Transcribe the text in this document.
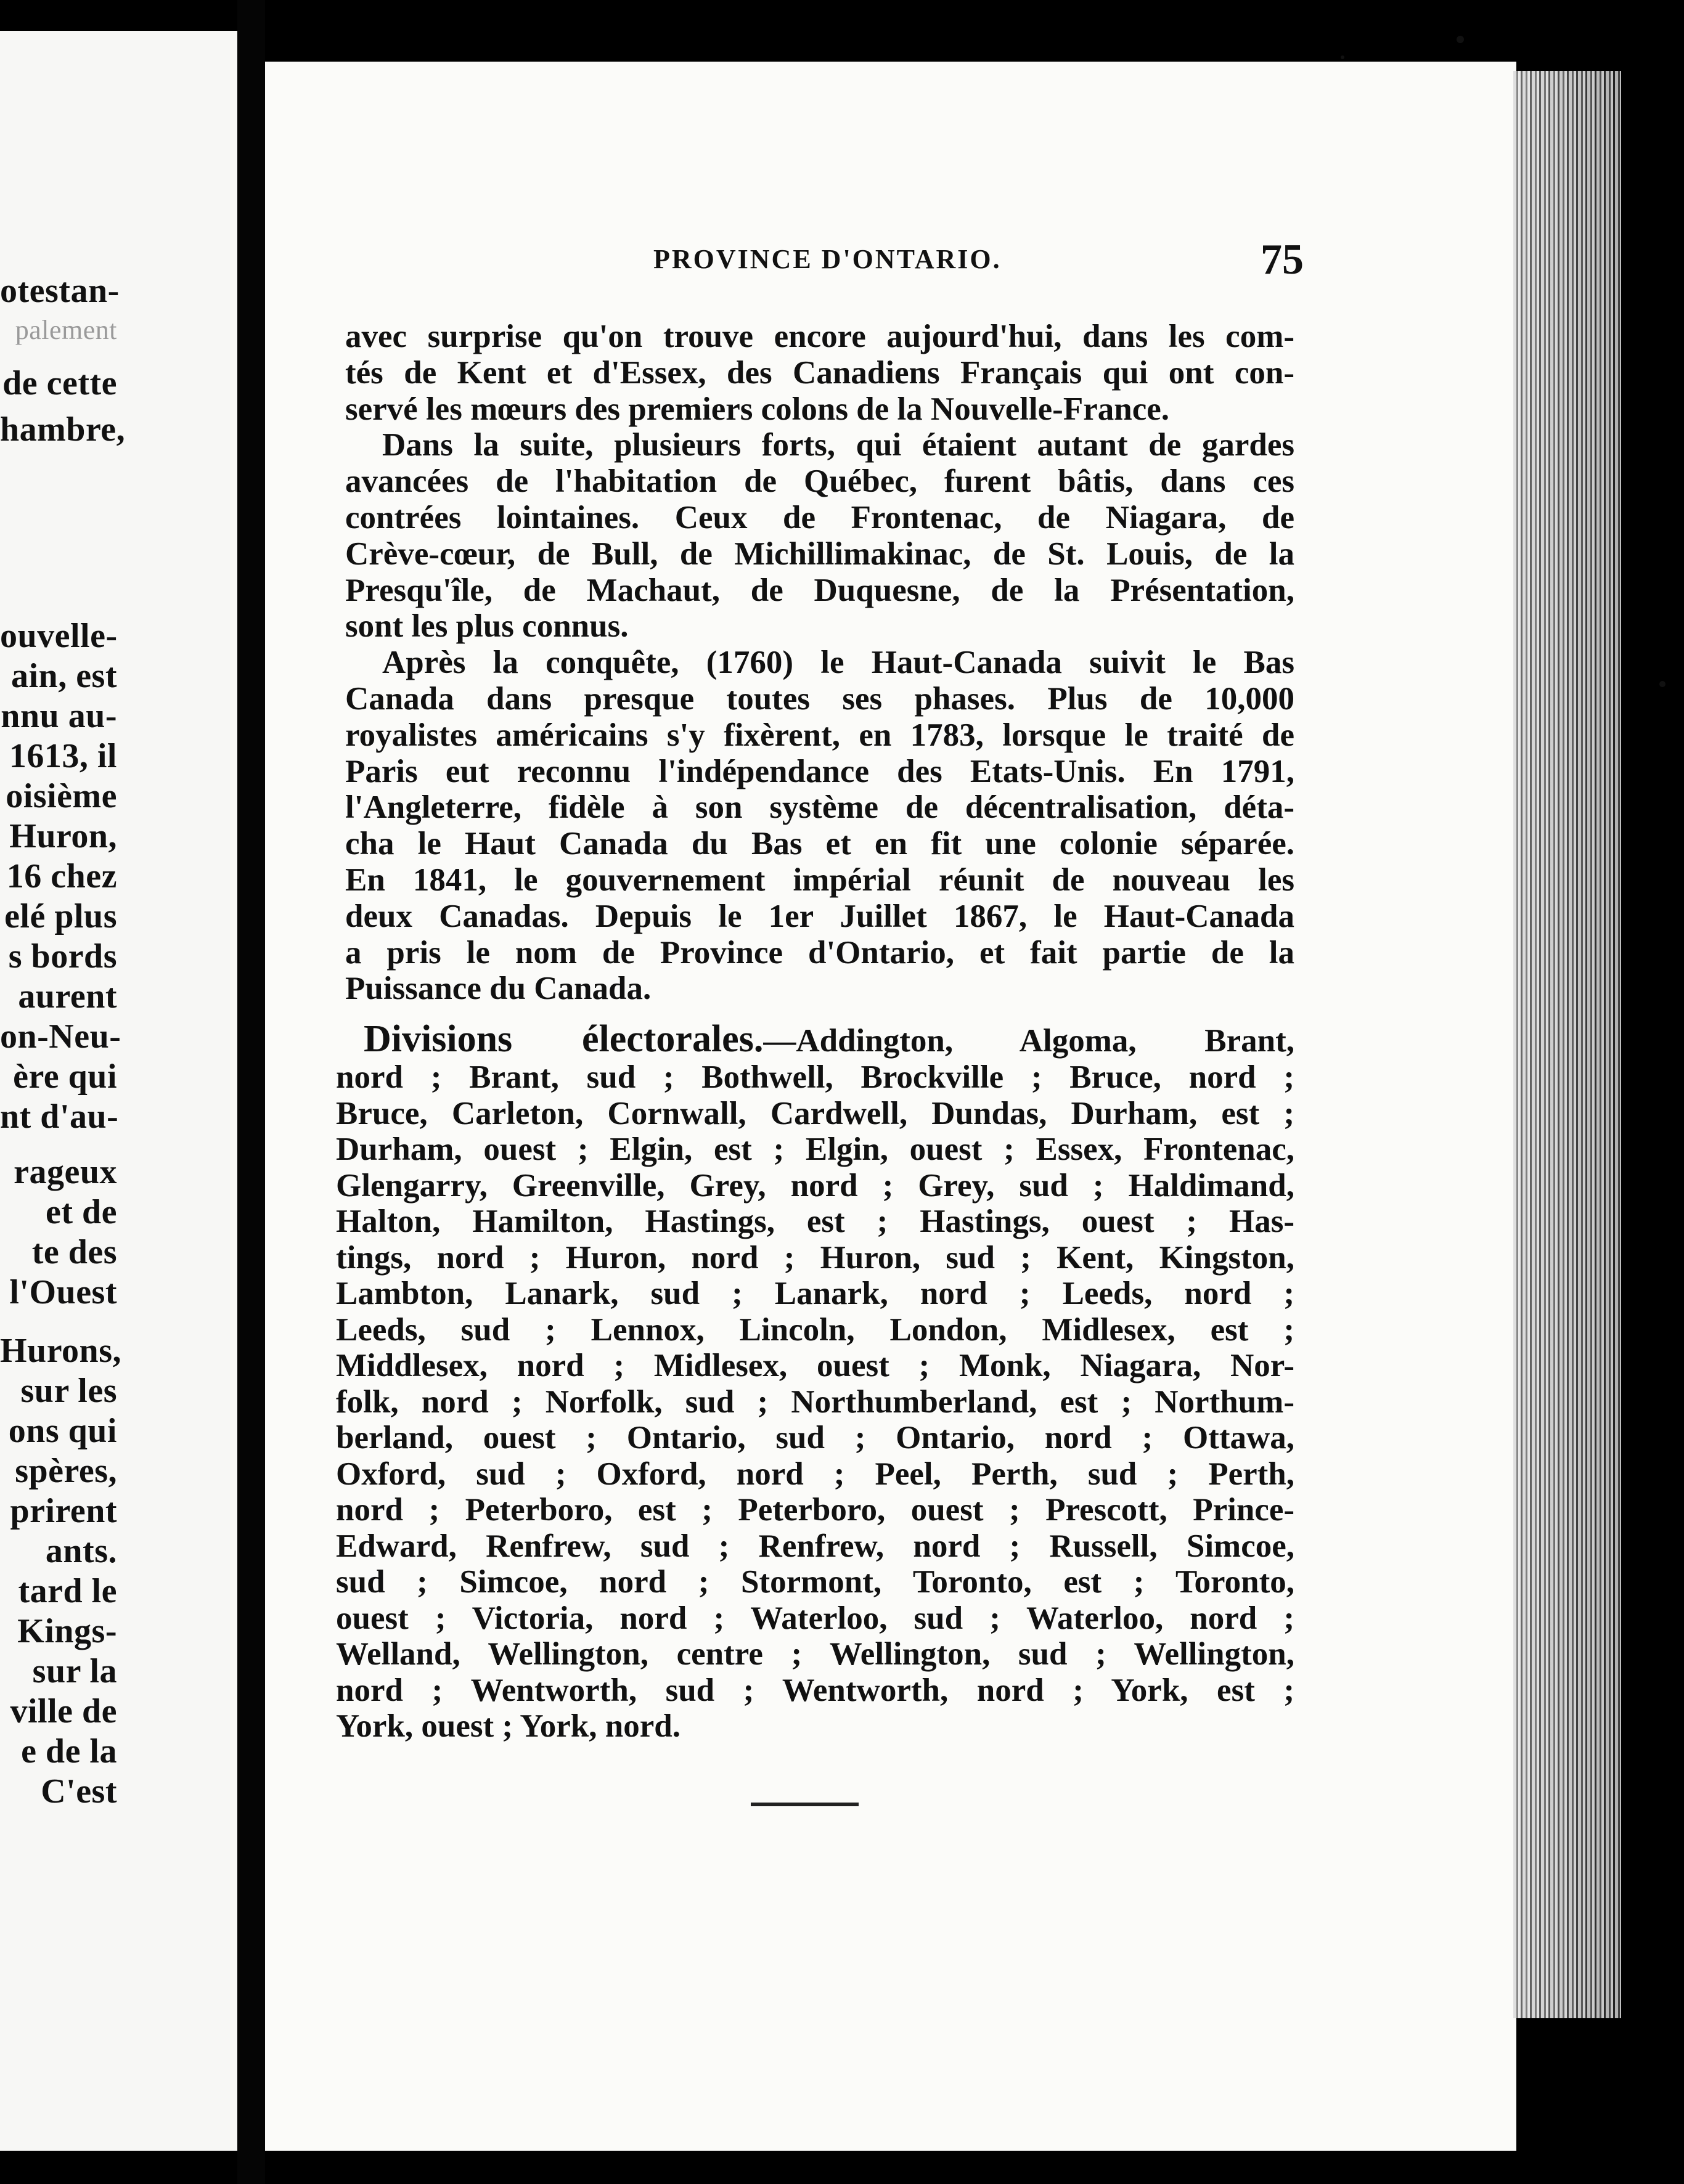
otestan-
palement
de cette
hambre,
ouvelle-
ain, est
nnu au-
1613, il
oisième
Huron,
16 chez
elé plus
s bords
aurent
on-Neu-
ère qui
nt d'au-
rageux
et de
te des
l'Ouest
Hurons,
sur les
ons qui
spères,
prirent
ants.
tard le
Kings-
sur la
ville de
e de la
C'est
PROVINCE D'ONTARIO.	75
avec surprise qu'on trouve encore aujourd'hui, dans les com-
tés de Kent et d'Essex, des Canadiens Français qui ont con-
servé les mœurs des premiers colons de la Nouvelle-France.
Dans la suite, plusieurs forts, qui étaient autant de gardes
avancées de l'habitation de Québec, furent bâtis, dans ces
contrées lointaines. Ceux de Frontenac, de Niagara, de
Crève-cœur, de Bull, de Michillimakinac, de St. Louis, de la
Presqu'île, de Machaut, de Duquesne, de la Présentation,
sont les plus connus.
Après la conquête, (1760) le Haut-Canada suivit le Bas
Canada dans presque toutes ses phases. Plus de 10,000
royalistes américains s'y fixèrent, en 1783, lorsque le traité de
Paris eut reconnu l'indépendance des Etats-Unis. En 1791,
l'Angleterre, fidèle à son système de décentralisation, déta-
cha le Haut Canada du Bas et en fit une colonie séparée.
En 1841, le gouvernement impérial réunit de nouveau les
deux Canadas. Depuis le 1er Juillet 1867, le Haut-Canada
a pris le nom de Province d'Ontario, et fait partie de la
Puissance du Canada.
Divisions électorales.—Addington, Algoma, Brant,
nord ; Brant, sud ; Bothwell, Brockville ; Bruce, nord ;
Bruce, Carleton, Cornwall, Cardwell, Dundas, Durham, est ;
Durham, ouest ; Elgin, est ; Elgin, ouest ; Essex, Frontenac,
Glengarry, Greenville, Grey, nord ; Grey, sud ; Haldimand,
Halton, Hamilton, Hastings, est ; Hastings, ouest ; Has-
tings, nord ; Huron, nord ; Huron, sud ; Kent, Kingston,
Lambton, Lanark, sud ; Lanark, nord ; Leeds, nord ;
Leeds, sud ; Lennox, Lincoln, London, Midlesex, est ;
Middlesex, nord ; Midlesex, ouest ; Monk, Niagara, Nor-
folk, nord ; Norfolk, sud ; Northumberland, est ; Northum-
berland, ouest ; Ontario, sud ; Ontario, nord ; Ottawa,
Oxford, sud ; Oxford, nord ; Peel, Perth, sud ; Perth,
nord ; Peterboro, est ; Peterboro, ouest ; Prescott, Prince-
Edward, Renfrew, sud ; Renfrew, nord ; Russell, Simcoe,
sud ; Simcoe, nord ; Stormont, Toronto, est ; Toronto,
ouest ; Victoria, nord ; Waterloo, sud ; Waterloo, nord ;
Welland, Wellington, centre ; Wellington, sud ; Wellington,
nord ; Wentworth, sud ; Wentworth, nord ; York, est ;
York, ouest ; York, nord.
